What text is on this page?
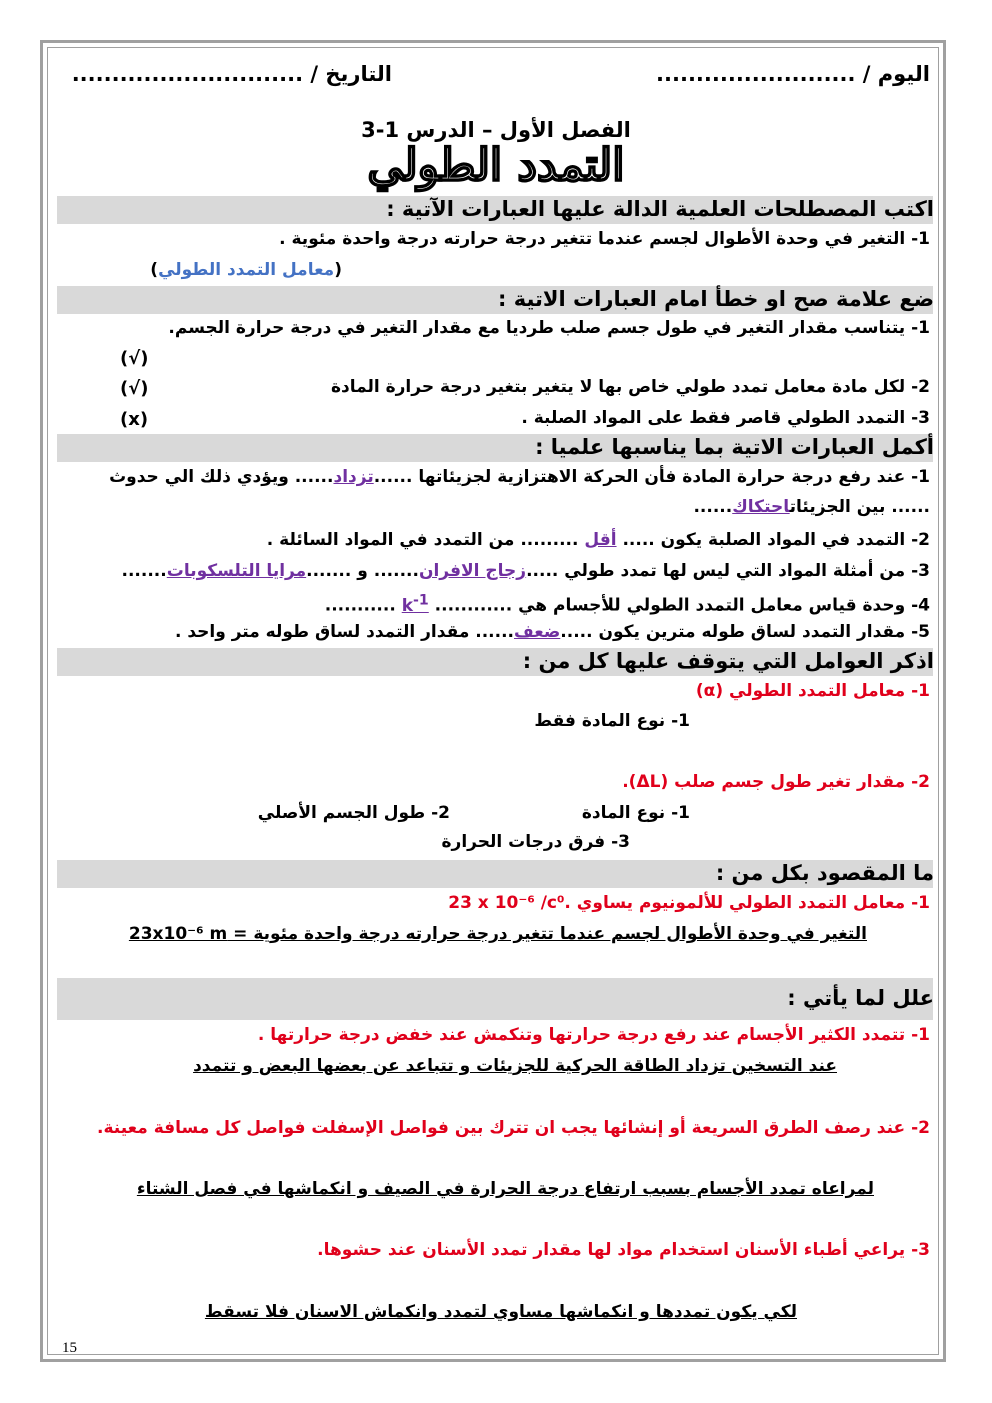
اليوم / .........................
التاريخ / .............................
الفصل الأول – الدرس 1-3
التمدد الطولي
اكتب المصطلحات العلمية الدالة عليها العبارات الآتية :
1- التغير في وحدة الأطوال لجسم عندما تتغير درجة حرارته درجة واحدة مئوية .
(معامل التمدد الطولي)
ضع علامة صح او خطأ امام العبارات الاتية :
1- يتناسب مقدار التغير في طول جسم صلب طرديا مع مقدار التغير في درجة حرارة الجسم.
(√)
2- لكل مادة معامل تمدد طولي خاص بها لا يتغير بتغير درجة حرارة المادة
(√)
3- التمدد الطولي قاصر فقط على المواد الصلبة .
(x)
أكمل العبارات الاتية بما يناسبها علميا :
1- عند رفع درجة حرارة المادة فأن الحركة الاهتزازية لجزيئاتها ......تزداد...... ويؤدي ذلك الي حدوث
...... بين الجزيئاتاحتكاك......
2- التمدد في المواد الصلبة يكون ..... أقل ......... من التمدد في المواد السائلة .
3- من أمثلة المواد التي ليس لها تمدد طولي .....زجاج الافران....... و .......مرايا التلسكوبات.......
4- وحدة قياس معامل التمدد الطولي للأجسام هي ............ $k^{-1}$ ...........
5- مقدار التمدد لساق طوله مترين يكون .....ضعف...... مقدار التمدد لساق طوله متر واحد .
اذكر العوامل التي يتوقف عليها كل من :
1- معامل التمدد الطولي (α)
1- نوع المادة فقط
2- مقدار تغير طول جسم صلب (ΔL).
1- نوع المادة
2- طول الجسم الأصلي
3- فرق درجات الحرارة
ما المقصود بكل من :
1- معامل التمدد الطولي للألمونيوم يساوي 23 x 10⁻⁶ /c⁰.
التغير في وحدة الأطوال لجسم عندما تتغير درجة حرارته درجة واحدة مئوية = 23x10⁻⁶ m
علل لما يأتي :
1- تتمدد الكثير الأجسام عند رفع درجة حرارتها وتنكمش عند خفض درجة حرارتها .
عند التسخين تزداد الطاقة الحركية للجزيئات و تتباعد عن بعضها البعض و تتمدد
2- عند رصف الطرق السريعة أو إنشائها يجب ان تترك بين فواصل الإسفلت فواصل كل مسافة معينة.
لمراعاه تمدد الأجسام بسبب ارتفاع درجة الحرارة في الصيف و انكماشها في فصل الشتاء
3- يراعي أطباء الأسنان استخدام مواد لها مقدار تمدد الأسنان عند حشوها.
لكي يكون تمددها و انكماشها مساوي لتمدد وانكماش الاسنان فلا تسقط
15
